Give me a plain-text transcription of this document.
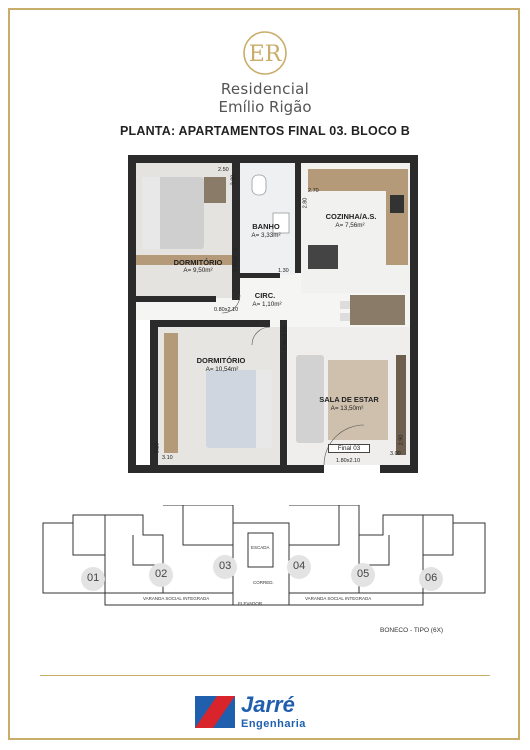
ER
Residencial
Emílio Rigão
PLANTA: APARTAMENTOS FINAL 03. BLOCO B
DORMITÓRIO
A= 9,50m²
BANHO
A= 3,33m²
COZINHA/A.S.
A= 7,56m²
CIRC.
A= 1,10m²
DORMITÓRIO
A= 10,54m²
SALA DE ESTAR
A= 13,50m²
2.50
3.80
2.70
2.80
1.30
0.60x2.10
0.80x2.10
0.80x2.10
3.20
3.10
3.00
1.80x2.10
2.90
Final 03
01	02
03	04
05	06
ESCADA
CORRED.
ELEVADOR
VARANDA SOCIAL INTEGRADA	VARANDA SOCIAL INTEGRADA
BONECO - TIPO (6X)
Jarré
Engenharia
